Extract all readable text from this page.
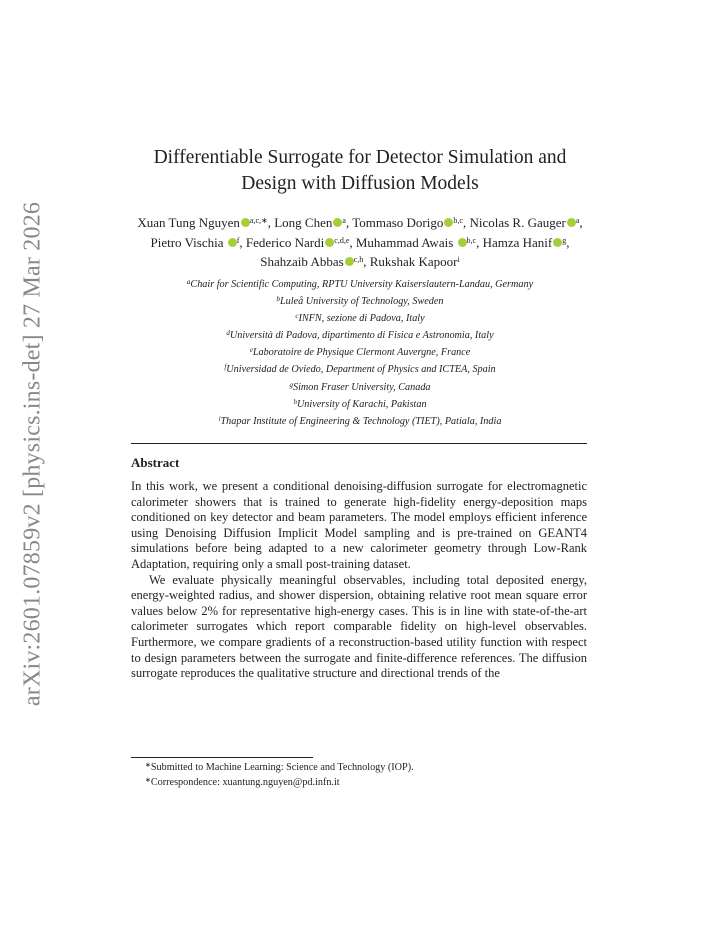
arXiv:2601.07859v2 [physics.ins-det] 27 Mar 2026
Differentiable Surrogate for Detector Simulation and
Design with Diffusion Models
Xuan Tung Nguyen $^{a,c,∗}$, Long Chen $^a$, Tommaso Dorigo $^{b,c}$, Nicolas R. Gauger $^a$, Pietro Vischia $^f$, Federico Nardi $^{c,d,e}$, Muhammad Awais $^{b,c}$, Hamza Hanif $^g$, Shahzaib Abbas $^{c,h}$, Rukshak Kapoor$^i$
$^a$Chair for Scientific Computing, RPTU University Kaiserslautern-Landau, Germany
$^b$Luleå University of Technology, Sweden
$^c$INFN, sezione di Padova, Italy
$^d$Università di Padova, dipartimento di Fisica e Astronomia, Italy
$^e$Laboratoire de Physique Clermont Auvergne, France
$^f$Universidad de Oviedo, Department of Physics and ICTEA, Spain
$^g$Simon Fraser University, Canada
$^h$University of Karachi, Pakistan
$^i$Thapar Institute of Engineering & Technology (TIET), Patiala, India
Abstract

In this work, we present a conditional denoising-diffusion surrogate for electromagnetic calorimeter showers that is trained to generate high-fidelity energy-deposition maps conditioned on key detector and beam parameters. The model employs efficient inference using Denoising Diffusion Implicit Model sampling and is pre-trained on GEANT4 simulations before being adapted to a new calorimeter geometry through Low-Rank Adaptation, requiring only a small post-training dataset.

We evaluate physically meaningful observables, including total deposited energy, energy-weighted radius, and shower dispersion, obtaining relative root mean square error values below 2% for representative high-energy cases. This is in line with state-of-the-art calorimeter surrogates which report comparable fidelity on high-level observables. Furthermore, we compare gradients of a reconstruction-based utility function with respect to design parameters between the surrogate and finite-difference references. The diffusion surrogate reproduces the qualitative structure and directional trends of the

∗Submitted to Machine Learning: Science and Technology (IOP).
∗Correspondence: xuantung.nguyen@pd.infn.it
